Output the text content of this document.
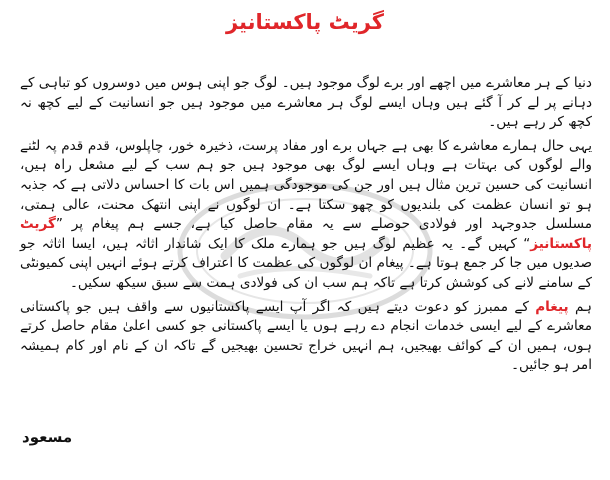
گریٹ پاکستانیز

دنیا کے ہر معاشرے میں اچھے اور برے لوگ موجود ہیں۔ لوگ جو اپنی ہوس میں دوسروں کو تباہی کے دہانے پر لے کر آ گئے ہیں وہاں ایسے لوگ ہر معاشرے میں موجود ہیں جو انسانیت کے لیے کچھ نہ کچھ کر رہے ہیں۔

یہی حال ہمارے معاشرے کا بھی ہے جہاں برے اور مفاد پرست، ذخیرہ خور، چاپلوس، قدم قدم پہ لٹنے والے لوگوں کی بہتات ہے وہاں ایسے لوگ بھی موجود ہیں جو ہم سب کے لیے مشعل راہ ہیں، انسانیت کی حسین ترین مثال ہیں اور جن کی موجودگی ہمیں اس بات کا احساس دلاتی ہے کہ جذبہ ہو تو انسان عظمت کی بلندیوں کو چھو سکتا ہے۔ ان لوگوں نے اپنی انتھک محنت، عالی ہمتی، مسلسل جدوجہد اور فولادی حوصلے سے یہ مقام حاصل کیا ہے، جسے ہم پیغام پر ”گریٹ پاکستانیز“ کہیں گے۔ یہ عظیم لوگ ہیں جو ہمارے ملک کا ایک شاندار اثاثہ ہیں، ایسا اثاثہ جو صدیوں میں جا کر جمع ہوتا ہے۔ پیغام ان لوگوں کی عظمت کا اعتراف کرتے ہوئے انہیں اپنی کمیونٹی کے سامنے لانے کی کوشش کرتا ہے تاکہ ہم سب ان کی فولادی ہمت سے سبق سیکھ سکیں۔

ہم پیغام کے ممبرز کو دعوت دیتے ہیں کہ اگر آپ ایسے پاکستانیوں سے واقف ہیں جو پاکستانی معاشرے کے لیے ایسی خدمات انجام دے رہے ہوں یا ایسے پاکستانی جو کسی اعلیٰ مقام حاصل کرتے ہوں، ہمیں ان کے کوائف بھیجیں، ہم انہیں خراج تحسین بھیجیں گے تاکہ ان کے نام اور کام ہمیشہ امر ہو جائیں۔

مسعود
